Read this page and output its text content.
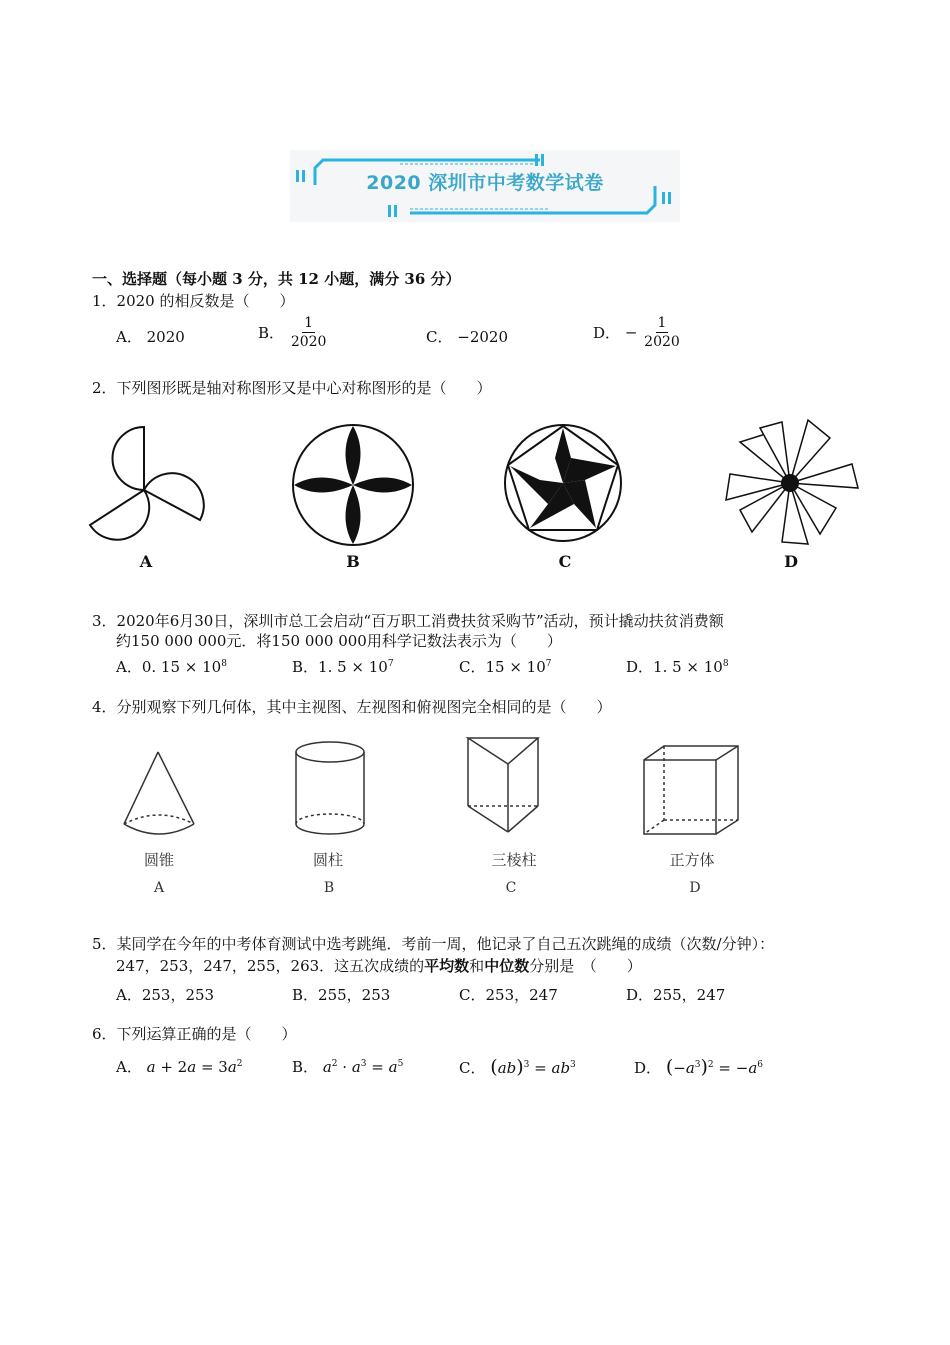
2020 深圳市中考数学试卷
一、选择题（每小题 3 分，共 12 小题，满分 36 分）
1．2020 的相反数是（　　）
A． 2020	B． $\frac{1}{2020}$	C． −2020	D． − $\frac{1}{2020}$
2．下列图形既是轴对称图形又是中心对称图形的是（　　）
A	B	C	D
3．2020年6月30日，深圳市总工会启动“百万职工消费扶贫采购节”活动，预计撬动扶贫消费额
约150 000 000元．将150 000 000用科学记数法表示为（　　）
A．0. $15 \times 10^8$	B．1. $5 \times 10^7$	C．$15 \times 10^7$	D．1. $5 \times 10^8$
4．分别观察下列几何体，其中主视图、左视图和俯视图完全相同的是（　　）
圆锥
A
圆柱
B
三棱柱
C
正方体
D
5．某同学在今年的中考体育测试中选考跳绳．考前一周，他记录了自己五次跳绳的成绩（次数/分钟）：
247，253，247，255，263．这五次成绩的平均数和中位数分别是　（　　）
A．253，253	B．255，253	C．253，247	D．255，247
6．下列运算正确的是（　　）
A． $a + 2a = 3a^2$	B． $a^2 \cdot a^3 = a^5$	C． $(ab)^3 = ab^3$	D． $(-a^3)^2 = -a^6$
